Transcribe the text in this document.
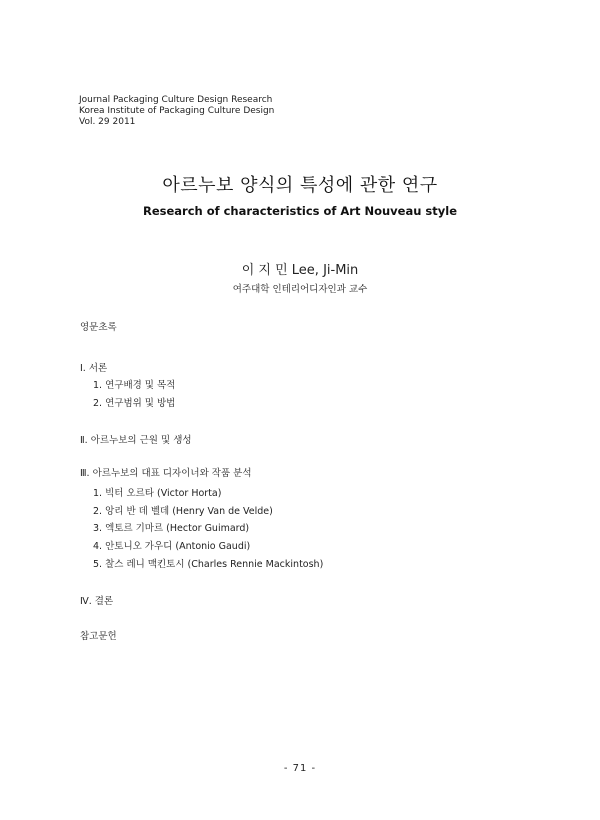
Journal Packaging Culture Design Research
Korea Institute of Packaging Culture Design
Vol. 29 2011
아르누보 양식의 특성에 관한 연구
Research of characteristics of Art Nouveau style
이 지 민 Lee, Ji-Min
여주대학 인테리어디자인과 교수
영문초록
Ⅰ. 서론
1. 연구배경 및 목적
2. 연구범위 및 방법
Ⅱ. 아르누보의 근원 및 생성
Ⅲ. 아르누보의 대표 디자이너와 작품 분석
1. 빅터 오르타 (Victor Horta)
2. 앙리 반 데 벨데 (Henry Van de Velde)
3. 엑토르 기마르 (Hector Guimard)
4. 안토니오 가우디 (Antonio Gaudi)
5. 찰스 레니 맥킨토시 (Charles Rennie Mackintosh)
Ⅳ. 결론
참고문헌
- 71 -
